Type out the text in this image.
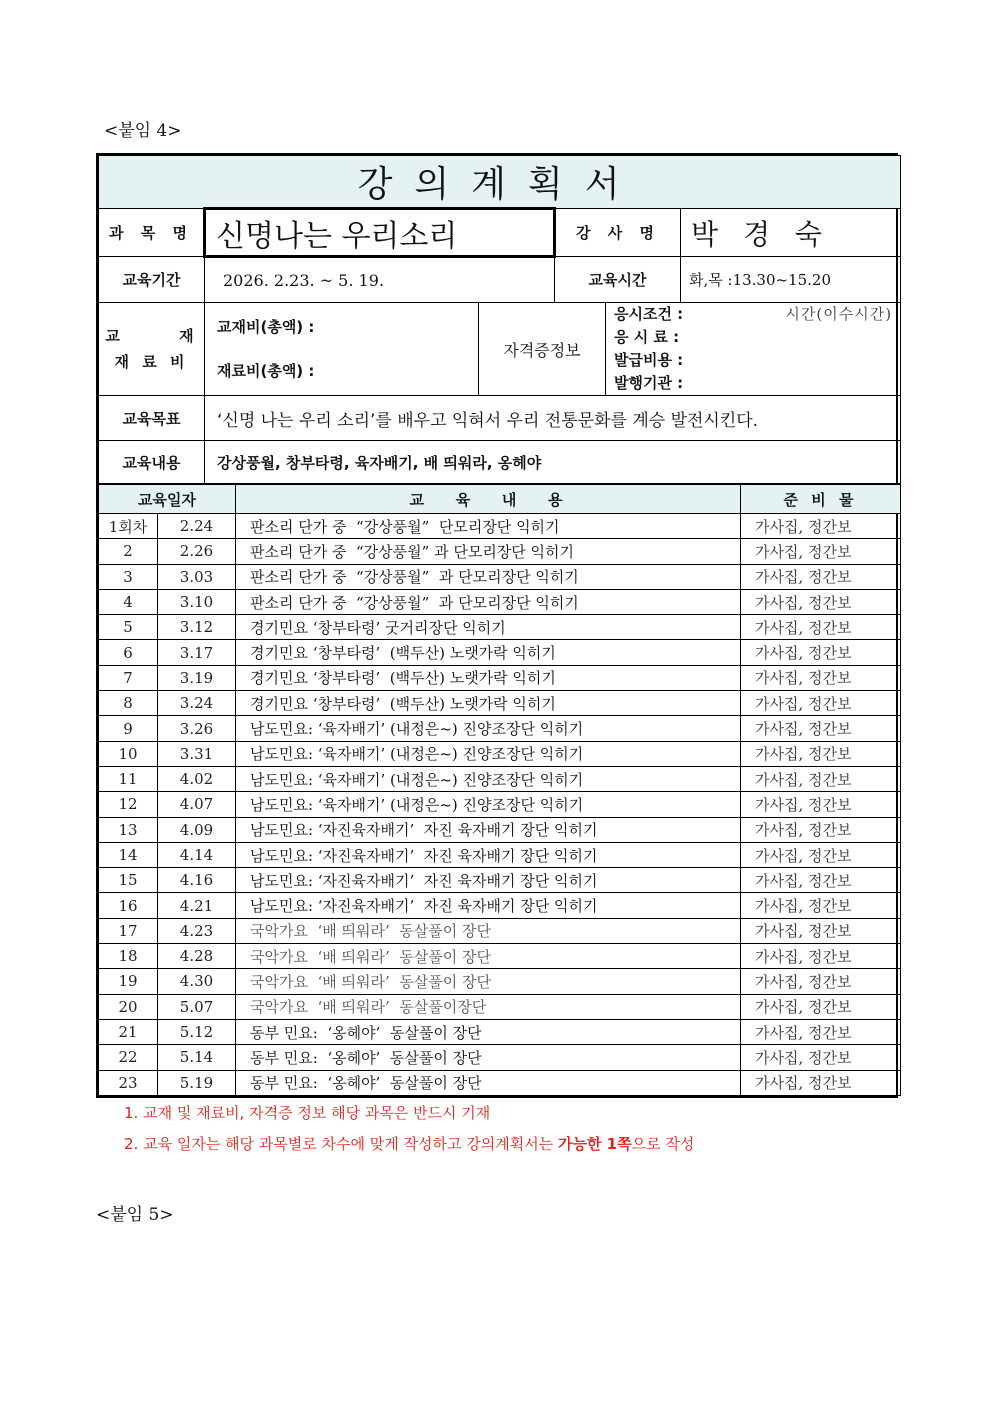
<붙임 4>
강의계획서					
과 목 명	신명나는 우리소리		강 사 명		박 경 숙
교육기간	2026. 2.23. ~ 5. 19.		교육시간		화,목 :13.30~15.20

교      재
재 료 비

교재비(총액) :
재료비(총액) :
	자격증정보	
응시조건 :	시간(이수시간)
응 시 료 :
발급비용 :
발행기관 :

교육목표	‘신명 나는 우리 소리’를 배우고 익혀서 우리 전통문화를 계승 발전시킨다.				
교육내용	강상풍월, 창부타령, 육자배기, 배 띄워라, 옹헤야				
교육일자		교   육   내   용	준 비 물
1회차	2.24	판소리 단가 중  “강상풍월”  단모리장단 익히기	가사집, 정간보
2	2.26	판소리 단가 중  “강상풍월” 과 단모리장단 익히기	가사집, 정간보
3	3.03	판소리 단가 중  “강상풍월”  과 단모리장단 익히기	가사집, 정간보
4	3.10	판소리 단가 중  “강상풍월”  과 단모리장단 익히기	가사집, 정간보
5	3.12	경기민요 ‘창부타령’ 굿거리장단 익히기	가사집, 정간보
6	3.17	경기민요 ‘창부타령’  (백두산) 노랫가락 익히기	가사집, 정간보
7	3.19	경기민요 ‘창부타령’  (백두산) 노랫가락 익히기	가사집, 정간보
8	3.24	경기민요 ‘창부타령’  (백두산) 노랫가락 익히기	가사집, 정간보
9	3.26	남도민요: ‘육자배기’ (내정은~) 진양조장단 익히기	가사집, 정간보
10	3.31	남도민요: ‘육자배기’ (내정은~) 진양조장단 익히기	가사집, 정간보
11	4.02	남도민요: ‘육자배기’ (내정은~) 진양조장단 익히기	가사집, 정간보
12	4.07	남도민요: ‘육자배기’ (내정은~) 진양조장단 익히기	가사집, 정간보
13	4.09	남도민요: ‘자진육자배기’  자진 육자배기 장단 익히기	가사집, 정간보
14	4.14	남도민요: ‘자진육자배기’  자진 육자배기 장단 익히기	가사집, 정간보
15	4.16	남도민요: ‘자진육자배기’  자진 육자배기 장단 익히기	가사집, 정간보
16	4.21	남도민요: ‘자진육자배기’  자진 육자배기 장단 익히기	가사집, 정간보
17	4.23	국악가요  ‘배 띄워라’  동살풀이 장단	가사집, 정간보
18	4.28	국악가요  ‘배 띄워라’  동살풀이 장단	가사집, 정간보
19	4.30	국악가요  ‘배 띄워라’  동살풀이 장단	가사집, 정간보
20	5.07	국악가요  ‘배 띄워라’  동살풀이장단	가사집, 정간보
21	5.12	동부 민요:  ‘옹헤야’  동살풀이 장단	가사집, 정간보
22	5.14	동부 민요:  ‘옹헤야’  동살풀이 장단	가사집, 정간보
23	5.19	동부 민요:  ‘옹헤야’  동살풀이 장단	가사집, 정간보
1. 교재 및 재료비, 자격증 정보 해당 과목은 반드시 기재
2. 교육 일자는 해당 과목별로 차수에 맞게 작성하고 강의계획서는 가능한 1쪽으로 작성
<붙임 5>
